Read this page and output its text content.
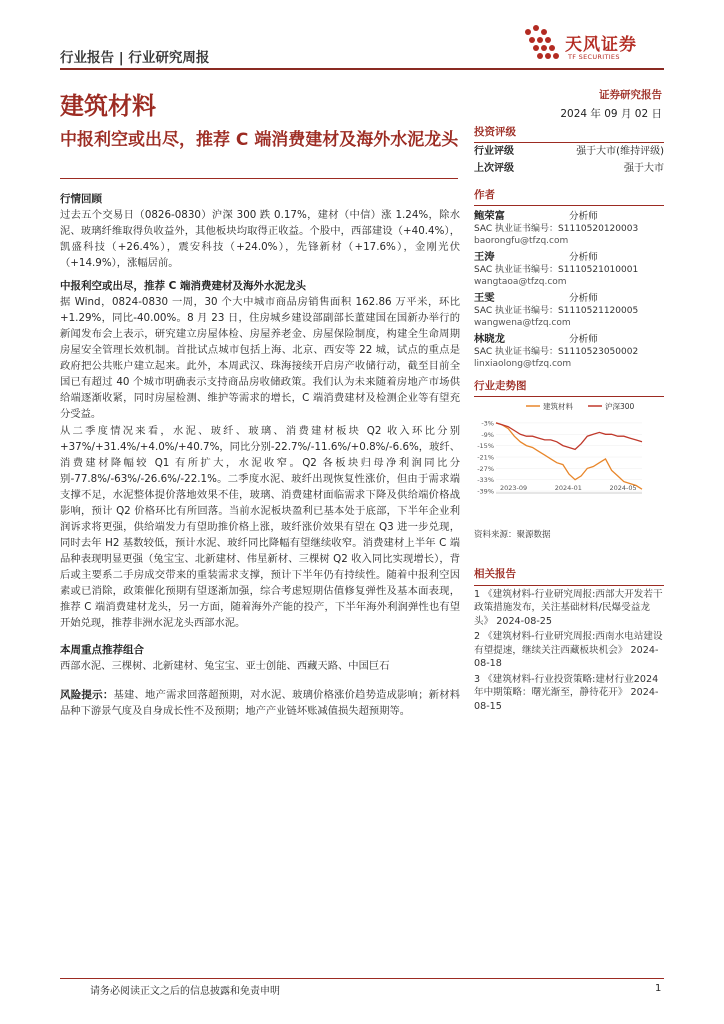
行业报告 | 行业研究周报
天风证券
TF SECURITIES
建筑材料	证券研究报告
2024 年 09 月 02 日
中报利空或出尽，推荐 C 端消费建材及海外水泥龙头
行情回顾
过去五个交易日（0826-0830）沪深 300 跌 0.17%，建材（中信）涨 1.24%，除水泥、玻璃纤维取得负收益外，其他板块均取得正收益。个股中，西部建设（+40.4%），凯盛科技（+26.4%），震安科技（+24.0%），先锋新材（+17.6%），金刚光伏（+14.9%），涨幅居前。
中报利空或出尽，推荐 C 端消费建材及海外水泥龙头
据 Wind，0824-0830 一周，30 个大中城市商品房销售面积 162.86 万平米，环比+1.29%，同比-40.00%。8 月 23 日，住房城乡建设部副部长董建国在国新办举行的新闻发布会上表示，研究建立房屋体检、房屋养老金、房屋保险制度，构建全生命周期房屋安全管理长效机制。首批试点城市包括上海、北京、西安等 22 城，试点的重点是政府把公共账户建立起来。此外，本周武汉、珠海接续开启房产收储行动，截至目前全国已有超过 40 个城市明确表示支持商品房收储政策。我们认为未来随着房地产市场供给端逐渐收紧，同时房屋检测、维护等需求的增长，C 端消费建材及检测企业等有望充分受益。
从二季度情况来看，水泥、玻纤、玻璃、消费建材板块 Q2 收入环比分别+37%/+31.4%/+4.0%/+40.7%，同比分别-22.7%/-11.6%/+0.8%/-6.6%，玻纤、消费建材降幅较 Q1 有所扩大，水泥收窄。Q2 各板块归母净利润同比分别-77.8%/-63%/-26.6%/-22.1%。二季度水泥、玻纤出现恢复性涨价，但由于需求端支撑不足，水泥整体提价落地效果不佳，玻璃、消费建材面临需求下降及供给端价格战影响，预计 Q2 价格环比有所回落。当前水泥板块盈利已基本处于底部，下半年企业利润诉求将更强，供给端发力有望助推价格上涨，玻纤涨价效果有望在 Q3 进一步兑现，同时去年 H2 基数较低，预计水泥、玻纤同比降幅有望继续收窄。消费建材上半年 C 端品种表现明显更强（兔宝宝、北新建材、伟星新材、三棵树 Q2 收入同比实现增长），背后或主要系二手房成交带来的重装需求支撑，预计下半年仍有持续性。随着中报利空因素或已消除，政策催化预期有望逐渐加强，综合考虑短期估值修复弹性及基本面表现，推荐 C 端消费建材龙头，另一方面，随着海外产能的投产，下半年海外利润弹性也有望开始兑现，推荐非洲水泥龙头西部水泥。
本周重点推荐组合
西部水泥、三棵树、北新建材、兔宝宝、亚士创能、西藏天路、中国巨石
风险提示：基建、地产需求回落超预期，对水泥、玻璃价格涨价趋势造成影响；新材料品种下游景气度及自身成长性不及预期；地产产业链坏账减值损失超预期等。
投资评级
行业评级	强于大市(维持评级)
上次评级	强于大市
作者
鲍荣富	分析师
SAC 执业证书编号：S1110520120003
baorongfu@tfzq.com
王涛	分析师
SAC 执业证书编号：S1110521010001
wangtaoa@tfzq.com
王雯	分析师
SAC 执业证书编号：S1110521120005
wangwena@tfzq.com
林晓龙	分析师
SAC 执业证书编号：S1110523050002
linxiaolong@tfzq.com
行业走势图
建筑材料	沪深300
-3%
-9%
-15%
-21%
-27%
-33%
-39% 2023-09	2024-01	2024-05
资料来源：聚源数据
相关报告
1 《建筑材料-行业研究周报:西部大开发若干政策措施发布，关注基础材料/民爆受益龙头》 2024-08-25
2 《建筑材料-行业研究周报:西南水电站建设有望提速，继续关注西藏板块机会》 2024-08-18
3 《建筑材料-行业投资策略:建材行业2024 年中期策略：曙光渐至，静待花开》 2024-08-15
请务必阅读正文之后的信息披露和免责申明	1
